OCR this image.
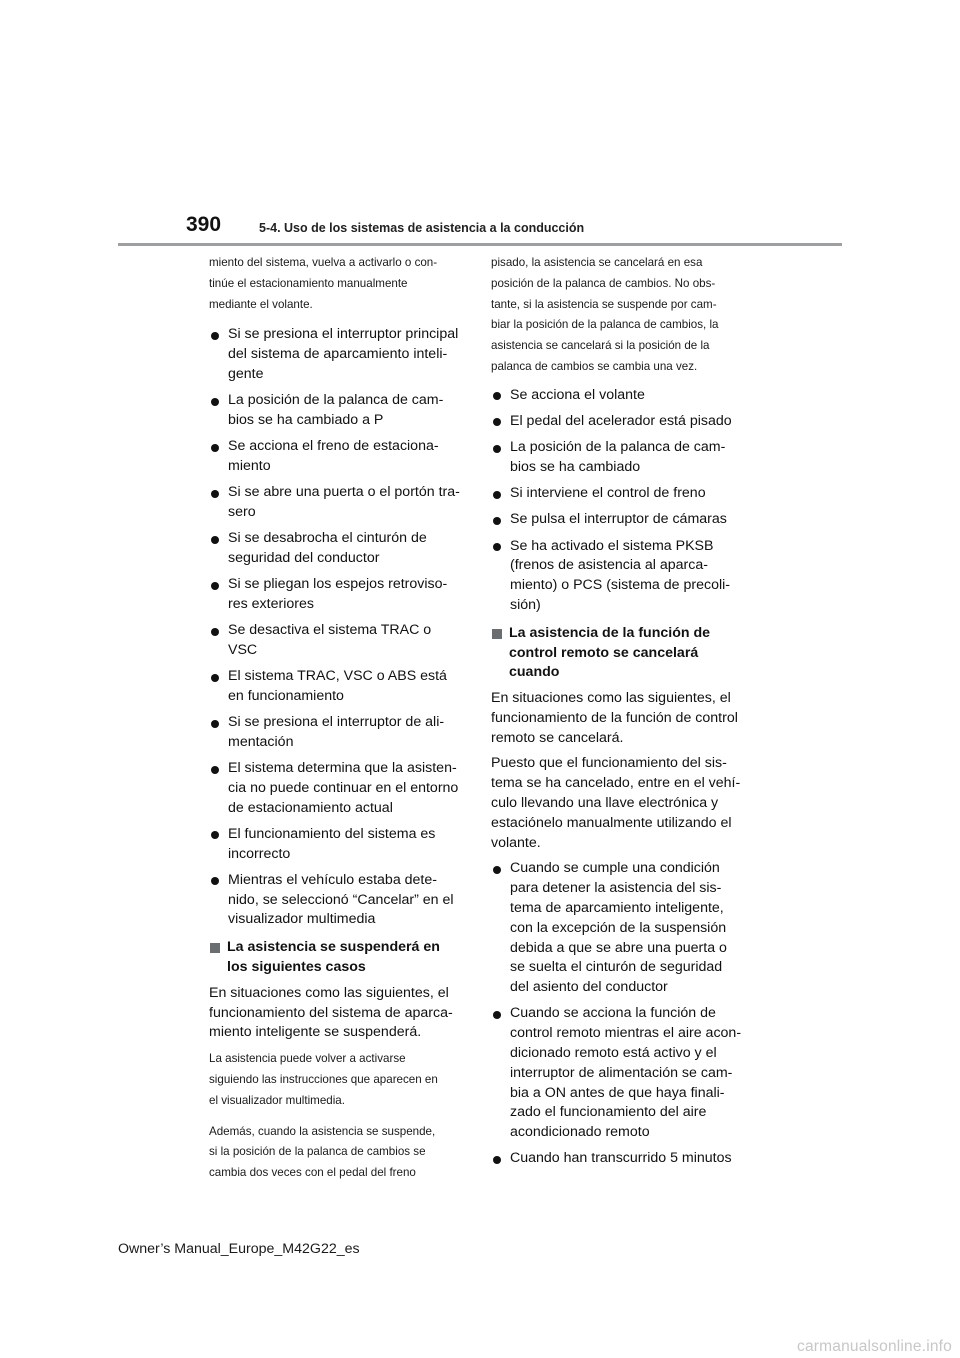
390	5-4. Uso de los sistemas de asistencia a la conducción
miento del sistema, vuelva a activarlo o con-
tinúe el estacionamiento manualmente
mediante el volante.
Si se presiona el interruptor principal
del sistema de aparcamiento inteli-
gente
La posición de la palanca de cam-
bios se ha cambiado a P
Se acciona el freno de estaciona-
miento
Si se abre una puerta o el portón tra-
sero
Si se desabrocha el cinturón de
seguridad del conductor
Si se pliegan los espejos retroviso-
res exteriores
Se desactiva el sistema TRAC o
VSC
El sistema TRAC, VSC o ABS está
en funcionamiento
Si se presiona el interruptor de ali-
mentación
El sistema determina que la asisten-
cia no puede continuar en el entorno
de estacionamiento actual
El funcionamiento del sistema es
incorrecto
Mientras el vehículo estaba dete-
nido, se seleccionó “Cancelar” en el
visualizador multimedia
La asistencia se suspenderá en
los siguientes casos
En situaciones como las siguientes, el
funcionamiento del sistema de aparca-
miento inteligente se suspenderá.
La asistencia puede volver a activarse
siguiendo las instrucciones que aparecen en
el visualizador multimedia.
Además, cuando la asistencia se suspende,
si la posición de la palanca de cambios se
cambia dos veces con el pedal del freno
pisado, la asistencia se cancelará en esa
posición de la palanca de cambios. No obs-
tante, si la asistencia se suspende por cam-
biar la posición de la palanca de cambios, la
asistencia se cancelará si la posición de la
palanca de cambios se cambia una vez.
Se acciona el volante
El pedal del acelerador está pisado
La posición de la palanca de cam-
bios se ha cambiado
Si interviene el control de freno
Se pulsa el interruptor de cámaras
Se ha activado el sistema PKSB
(frenos de asistencia al aparca-
miento) o PCS (sistema de precoli-
sión)
La asistencia de la función de
control remoto se cancelará
cuando
En situaciones como las siguientes, el
funcionamiento de la función de control
remoto se cancelará.
Puesto que el funcionamiento del sis-
tema se ha cancelado, entre en el vehí-
culo llevando una llave electrónica y
estaciónelo manualmente utilizando el
volante.
Cuando se cumple una condición
para detener la asistencia del sis-
tema de aparcamiento inteligente,
con la excepción de la suspensión
debida a que se abre una puerta o
se suelta el cinturón de seguridad
del asiento del conductor
Cuando se acciona la función de
control remoto mientras el aire acon-
dicionado remoto está activo y el
interruptor de alimentación se cam-
bia a ON antes de que haya finali-
zado el funcionamiento del aire
acondicionado remoto
Cuando han transcurrido 5 minutos
Owner’s Manual_Europe_M42G22_es
carmanualsonline.info
